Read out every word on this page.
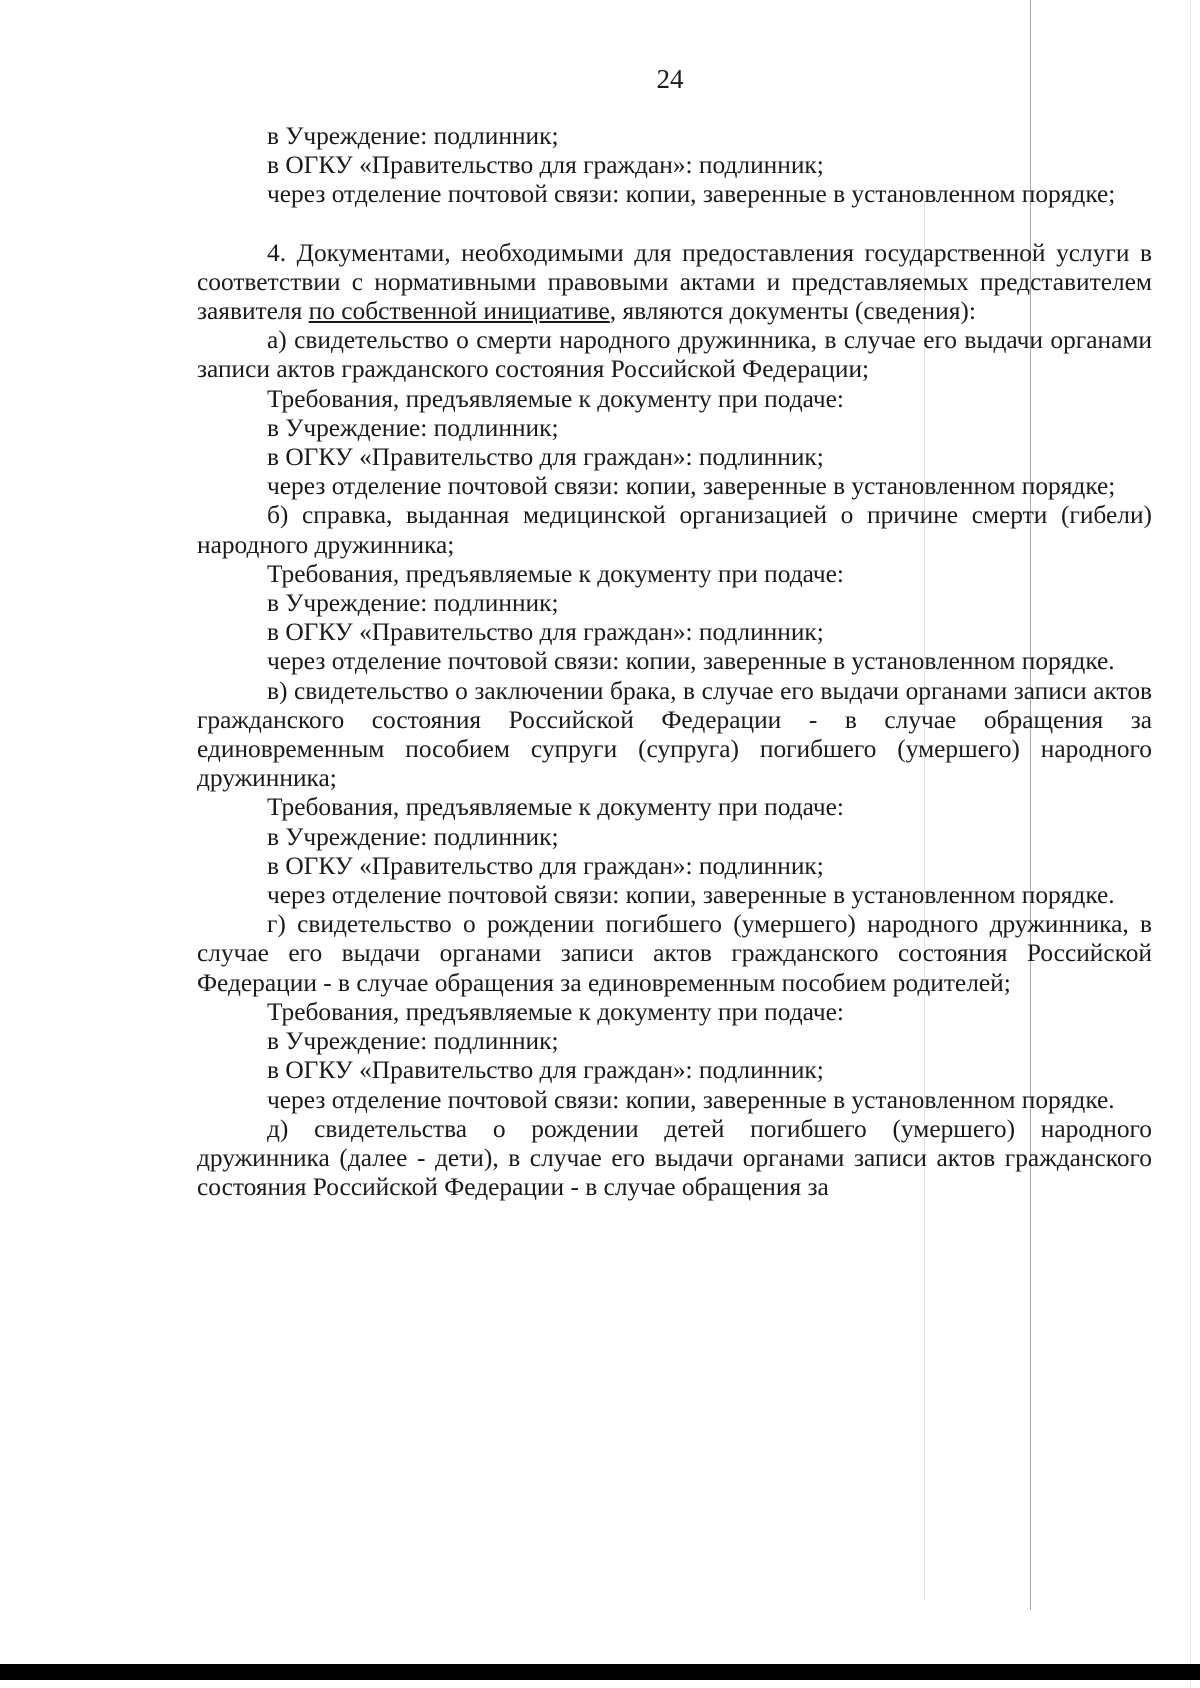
24

в Учреждение: подлинник;

в ОГКУ «Правительство для граждан»: подлинник;

через отделение почтовой связи: копии, заверенные в установленном порядке;

4. Документами, необходимыми для предоставления государственной услуги в соответствии с нормативными правовыми актами и представляемых представителем заявителя по собственной инициативе, являются документы (сведения):

а) свидетельство о смерти народного дружинника, в случае его выдачи органами записи актов гражданского состояния Российской Федерации;

Требования, предъявляемые к документу при подаче:

в Учреждение: подлинник;

в ОГКУ «Правительство для граждан»: подлинник;

через отделение почтовой связи: копии, заверенные в установленном порядке;

б) справка, выданная медицинской организацией о причине смерти (гибели) народного дружинника;

Требования, предъявляемые к документу при подаче:

в Учреждение: подлинник;

в ОГКУ «Правительство для граждан»: подлинник;

через отделение почтовой связи: копии, заверенные в установленном порядке.

в) свидетельство о заключении брака, в случае его выдачи органами записи актов гражданского состояния Российской Федерации - в случае обращения за единовременным пособием супруги (супруга) погибшего (умершего) народного дружинника;

Требования, предъявляемые к документу при подаче:

в Учреждение: подлинник;

в ОГКУ «Правительство для граждан»: подлинник;

через отделение почтовой связи: копии, заверенные в установленном порядке.

г) свидетельство о рождении погибшего (умершего) народного дружинника, в случае его выдачи органами записи актов гражданского состояния Российской Федерации - в случае обращения за единовременным пособием родителей;

Требования, предъявляемые к документу при подаче:

в Учреждение: подлинник;

в ОГКУ «Правительство для граждан»: подлинник;

через отделение почтовой связи: копии, заверенные в установленном порядке.

д) свидетельства о рождении детей погибшего (умершего) народного дружинника (далее - дети), в случае его выдачи органами записи актов гражданского состояния Российской Федерации - в случае обращения за
